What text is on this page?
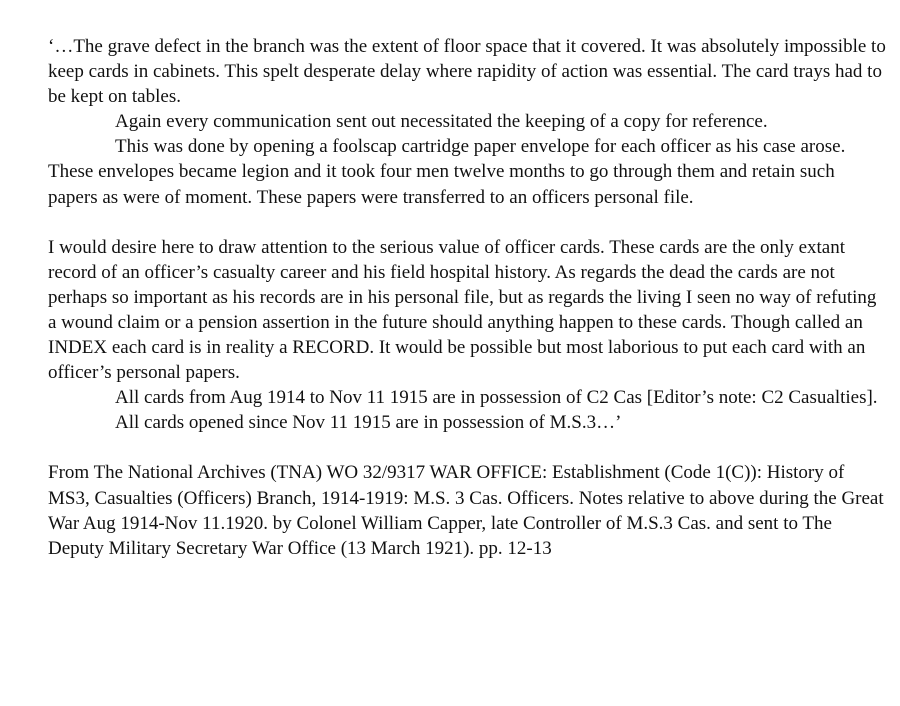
‘…The grave defect in the branch was the extent of floor space that it covered. It was absolutely impossible to keep cards in cabinets. This spelt desperate delay where rapidity of action was essential. The card trays had to be kept on tables.

Again every communication sent out necessitated the keeping of a copy for reference.

This was done by opening a foolscap cartridge paper envelope for each officer as his case arose. These envelopes became legion and it took four men twelve months to go through them and retain such papers as were of moment. These papers were transferred to an officers personal file.

I would desire here to draw attention to the serious value of officer cards. These cards are the only extant record of an officer’s casualty career and his field hospital history. As regards the dead the cards are not perhaps so important as his records are in his personal file, but as regards the living I seen no way of refuting a wound claim or a pension assertion in the future should anything happen to these cards. Though called an INDEX each card is in reality a RECORD. It would be possible but most laborious to put each card with an officer’s personal papers.

All cards from Aug 1914 to Nov 11 1915 are in possession of C2 Cas [Editor’s note: C2 Casualties].

All cards opened since Nov 11 1915 are in possession of M.S.3…’

From The National Archives (TNA) WO 32/9317 WAR OFFICE: Establishment (Code 1(C)): History of MS3, Casualties (Officers) Branch, 1914-1919: M.S. 3 Cas. Officers. Notes relative to above during the Great War Aug 1914-Nov 11.1920. by Colonel William Capper, late Controller of M.S.3 Cas. and sent to The Deputy Military Secretary War Office (13 March 1921). pp. 12-13
